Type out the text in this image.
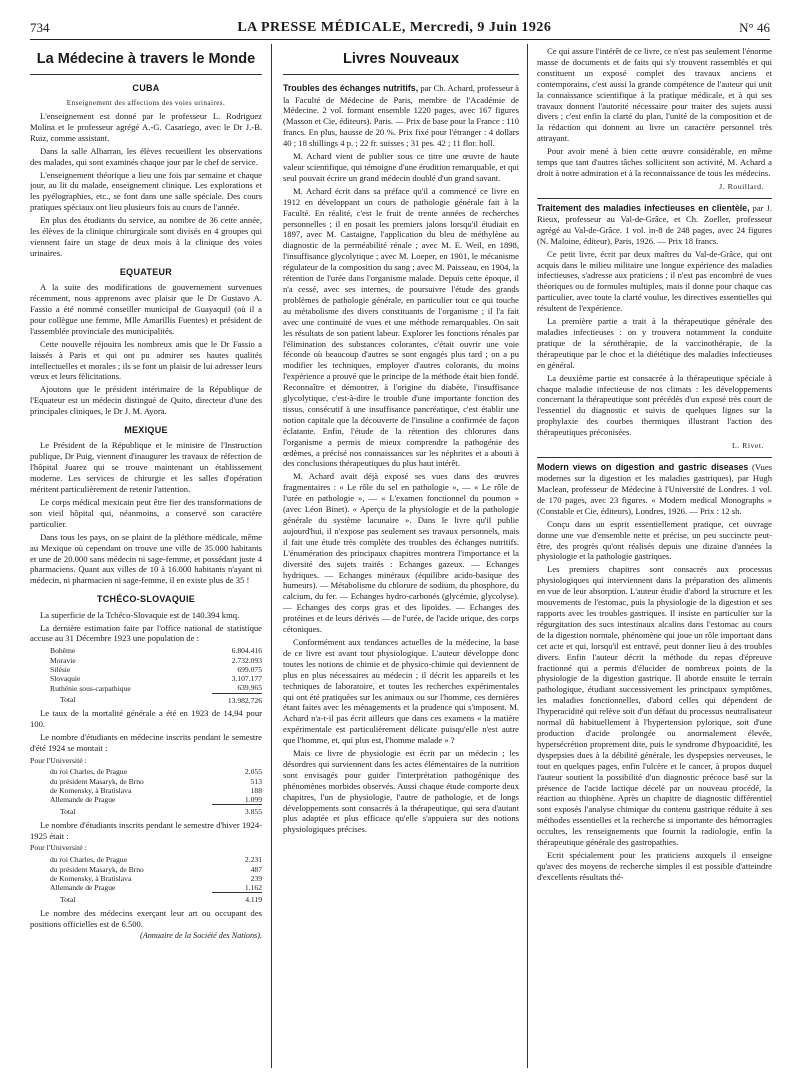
734	LA PRESSE MÉDICALE, Mercredi, 9 Juin 1926	N° 46
La Médecine à travers le Monde
CUBA

Enseignement des affections des voies urinaires.

L'enseignement est donné par le professeur L. Rodriguez Molina et le professeur agrégé A.-G. Casariego, avec le Dr J.-B. Ruiz, comme assistant.

Dans la salle Albarran, les élèves recueillent les observations des malades, qui sont examinés chaque jour par le chef de service.

L'enseignement théorique a lieu une fois par semaine et chaque jour, au lit du malade, enseignement clinique. Les explorations et les pyélographies, etc., se font dans une salle spéciale. Des cours pratiques spéciaux ont lieu plusieurs fois au cours de l'année.

En plus des étudiants du service, au nombre de 36 cette année, les élèves de la clinique chirurgicale sont divisés en 4 groupes qui viennent faire un stage de deux mois à la clinique des voies urinaires.

EQUATEUR

A la suite des modifications de gouvernement survenues récemment, nous apprenons avec plaisir que le Dr Gustavo A. Fassio a été nommé conseiller municipal de Guayaquil (où il a pour collègue une femme, Mlle Amarillis Fuentes) et président de l'assemblée provinciale des municipalités.

Cette nouvelle réjouira les nombreux amis que le Dr Fassio a laissés à Paris et qui ont pu admirer ses hautes qualités intellectuelles et morales ; ils se font un plaisir de lui adresser leurs vœux et leurs félicitations.

Ajoutons que le président intérimaire de la République de l'Equateur est un médecin distingué de Quito, directeur d'une des principales cliniques, le Dr J. M. Ayora.

MEXIQUE

Le Président de la République et le ministre de l'Instruction publique, Dr Puig, viennent d'inaugurer les travaux de réfection de l'hôpital Juarez qui se trouve maintenant un établissement moderne. Les services de chirurgie et les salles d'opération méritent particulièrement de retenir l'attention.

Le corps médical mexicain peut être fier des transformations de son vieil hôpital qui, néanmoins, a conservé son caractère particulier.

Dans tous les pays, on se plaint de la pléthore médicale, même au Mexique où cependant on trouve une ville de 35.000 habitants et une de 20.000 sans médecin ni sage-femme, et possédant juste 4 pharmaciens. Quant aux villes de 10 à 16.000 habitants n'ayant ni médecin, ni pharmacien ni sage-femme, il en existe plus de 35 !

TCHÉCO-SLOVAQUIE

La superficie de la Tchéco-Slovaquie est de 140.394 kmq.

La dernière estimation faite par l'office national de statistique accuse au 31 Décembre 1923 une population de :

Bohême	6.804.416
Moravie	2.732.093
Silésie	699.075
Slovaquie	3.107.177
Ruthénie sous-carpathique	639.965
Total	13.982.726

Le taux de la mortalité générale a été en 1923 de 14,94 pour 100.

Le nombre d'étudiants en médecine inscrits pendant le semestre d'été 1924 se montait :

Pour l'Université :

du roi Charles, de Prague	2.055
du président Masaryk, de Brno	513
de Komensky, à Bratislava	188
Allemande de Prague	1.099
Total	3.855

Le nombre d'étudiants inscrits pendant le semestre d'hiver 1924-1925 était :

Pour l'Université :

du roi Charles, de Prague	2.231
du président Masaryk, de Brno	487
de Komensky, à Bratislava	239
Allemande de Prague	1.162
Total	4.119

Le nombre des médecins exerçant leur art ou occupant des positions officielles est de 6.500.

(Annuaire de la Société des Nations).

Livres Nouveaux

Troubles des échanges nutritifs, par Ch. Achard, professeur à la Faculté de Médecine de Paris, membre de l'Académie de Médecine. 2 vol. formant ensemble 1220 pages, avec 167 figures (Masson et Cie, éditeurs). Paris. — Prix de base pour la France : 110 francs. En plus, hausse de 20 %. Prix fixé pour l'étranger : 4 dollars 40 ; 18 shillings 4 p. ; 22 fr. suisses ; 31 pes. 42 ; 11 flor. holl.

M. Achard vient de publier sous ce titre une œuvre de haute valeur scientifique, qui témoigne d'une érudition remarquable, et qui seul pouvait écrire un grand médecin doublé d'un grand savant.

M. Achard écrit dans sa préface qu'il a commencé ce livre en 1912 en développant un cours de pathologie générale fait à la Faculté. En réalité, c'est le fruit de trente années de recherches personnelles ; il en posait les premiers jalons lorsqu'il étudiait en 1897, avec M. Castaigne, l'application du bleu de méthylène au diagnostic de la perméabilité rénale ; avec M. E. Weil, en 1898, l'insuffisance glycolytique ; avec M. Loeper, en 1901, le mécanisme régulateur de la composition du sang ; avec M. Paisseau, en 1904, la rétention de l'urée dans l'organisme malade. Depuis cette époque, il n'a cessé, avec ses internes, de poursuivre l'étude des grands problèmes de pathologie générale, en particulier tout ce qui touche au métabolisme des divers constituants de l'organisme ; il l'a fait avec une continuité de vues et une méthode remarquables. On sait les résultats de son patient labeur. Explorer les fonctions rénales par l'élimination des substances colorantes, c'était ouvrir une voie féconde où beaucoup d'autres se sont engagés plus tard ; on a pu modifier les techniques, employer d'autres colorants, du moins l'expérience a prouvé que le principe de la méthode était bien fondé. Reconnaître et démontrer, à l'origine du diabète, l'insuffisance glycolytique, c'est-à-dire le trouble d'une importante fonction des tissus, consécutif à une insuffisance pancréatique, c'est établir une notion capitale que la découverte de l'insuline a confirmée de façon éclatante. Enfin, l'étude de la rétention des chlorures dans l'organisme a permis de mieux comprendre la pathogénie des œdèmes, a précisé nos connaissances sur les néphrites et a abouti à des conclusions thérapeutiques du plus haut intérêt.

M. Achard avait déjà exposé ses vues dans des œuvres fragmentaires : « Le rôle du sel en pathologie », — « Le rôle de l'urée en pathologie », — « L'examen fonctionnel du poumon » (avec Léon Binet). « Aperçu de la physiologie et de la pathologie générale du système lacunaire ». Dans le livre qu'il publie aujourd'hui, il n'expose pas seulement ses travaux personnels, mais il fait une étude très complète des troubles des échanges nutritifs. L'énumération des principaux chapitres montrera l'importance et la diversité des sujets traités : Echanges gazeux. — Echanges hydriques. — Echanges minéraux (équilibre acido-basique des humeurs). — Métabolisme du chlorure de sodium, du phosphore, du calcium, du fer. — Echanges hydro-carbonés (glycémie, glycolyse). — Echanges des corps gras et des lipoïdes. — Echanges des protéines et de leurs dérivés — de l'urée, de l'acide urique, des corps cétoniques.

Conformément aux tendances actuelles de la médecine, la base de ce livre est avant tout physiologique. L'auteur développe donc toutes les notions de chimie et de physico-chimie qui deviennent de plus en plus nécessaires au médecin ; il décrit les appareils et les techniques de laboratoire, et toutes les recherches expérimentales qui ont été pratiquées sur les animaux ou sur l'homme, ces dernières étant faites avec les ménagements et la prudence qui s'imposent. M. Achard n'a-t-il pas écrit ailleurs que dans ces examens « la matière expérimentale est particulièrement délicate puisqu'elle n'est autre que l'homme, et, qui plus est, l'homme malade » ?

Mais ce livre de physiologie est écrit par un médecin ; les désordres qui surviennent dans les actes élémentaires de la nutrition sont envisagés pour guider l'interprétation pathogénique des phénomènes morbides observés. Aussi chaque étude comporte deux chapitres, l'un de physiologie, l'autre de pathologie, et de longs développements sont consacrés à la thérapeutique, qui sera d'autant plus adaptée et plus efficace qu'elle s'appuiera sur des notions physiologiques précises.

Ce qui assure l'intérêt de ce livre, ce n'est pas seulement l'énorme masse de documents et de faits qui s'y trouvent rassemblés et qui constituent un exposé complet des travaux anciens et contemporains, c'est aussi la grande compétence de l'auteur qui unit la connaissance scientifique à la pratique médicale, et à qui ses travaux donnent l'autorité nécessaire pour traiter des sujets aussi divers ; c'est enfin la clarté du plan, l'unité de la composition et de la rédaction qui donnent au livre un caractère personnel très attrayant.

Pour avoir mené à bien cette œuvre considérable, en même temps que tant d'autres tâches sollicitent son activité, M. Achard a droit à notre admiration et à la reconnaissance de tous les médecins.

J. Rouillard.

Traitement des maladies infectieuses en clientèle, par J. Rieux, professeur au Val-de-Grâce, et Ch. Zoeller, professeur agrégé au Val-de-Grâce. 1 vol. in-8 de 248 pages, avec 24 figures (N. Maloine, éditeur), Paris, 1926. — Prix 18 francs.

Ce petit livre, écrit par deux maîtres du Val-de-Grâce, qui ont acquis dans le milieu militaire une longue expérience des maladies infectieuses, s'adresse aux praticiens ; il n'est pas encombré de vues théoriques ou de formules multiples, mais il donne pour chaque cas particulier, avec toute la clarté voulue, les directives essentielles qui résultent de l'expérience.

La première partie a trait à la thérapeutique générale des maladies infectieuses : on y trouvera notamment la conduite pratique de la sérothérapie, de la vaccinothérapie, de la thérapeutique par le choc et la diététique des maladies infectieuses en général.

La deuxième partie est consacrée à la thérapeutique spéciale à chaque maladie infectieuse de nos climats : les développements concernant la thérapeutique sont précédés d'un exposé très court de l'essentiel du diagnostic et suivis de quelques lignes sur la prophylaxie des courbes thermiques illustrant l'action des thérapeutiques préconisées.

L. Rivet.

Modern views on digestion and gastric diseases (Vues modernes sur la digestion et les maladies gastriques), par Hugh Maclean, professeur de Médecine à l'Université de Londres. 1 vol. de 170 pages, avec 23 figures. « Modern medical Monographs » (Constable et Cie, éditeurs), Londres, 1926. — Prix : 12 sh.

Conçu dans un esprit essentiellement pratique, cet ouvrage donne une vue d'ensemble nette et précise, un peu succincte peut-être, des progrès qu'ont réalisés depuis une dizaine d'années la physiologie et la pathologie gastriques.

Les premiers chapitres sont consacrés aux processus physiologiques qui interviennent dans la préparation des aliments en vue de leur absorption. L'auteur étudie d'abord la structure et les mouvements de l'estomac, puis la physiologie de la digestion et ses rapports avec les troubles gastriques. Il insiste en particulier sur la régurgitation des sucs intestinaux alcalins dans l'estomac au cours de la digestion normale, phénomène qui joue un rôle important dans cet acte et qui, lorsqu'il est entravé, peut donner lieu à des troubles divers. Enfin l'auteur décrit la méthode du repas d'épreuve fractionné qui a permis d'élucider de nombreux points de la physiologie de la digestion gastrique. Il aborde ensuite le terrain pathologique, étudiant successivement les principaux symptômes, les maladies fonctionnelles, d'abord celles qui dépendent de l'hyperacidité qui relève soit d'un défaut du processus neutralisateur normal dû habituellement à l'hypertension pylorique, soit d'une production d'acide prolongée ou anormalement élevée, hypersécrétion proprement dite, puis le syndrome d'hypoacidité, les dyspepsies dues à la débilité générale, les dyspepsies nerveuses, le tout en quelques pages, enfin l'ulcère et le cancer, à propos duquel l'auteur soutient la possibilité d'un diagnostic précoce basé sur la présence de l'acide lactique décelé par un nouveau procédé, la réaction au thiophène. Après un chapitre de diagnostic différentiel sont exposés l'analyse chimique du contenu gastrique réduite à ses méthodes essentielles et la recherche si importante des hémorragies occultes, les renseignements que fournit la radiologie, enfin la thérapeutique générale des gastropathies.

Ecrit spécialement pour les praticiens auxquels il enseigne qu'avec des moyens de recherche simples il est possible d'atteindre d'excellents résultats thé-
